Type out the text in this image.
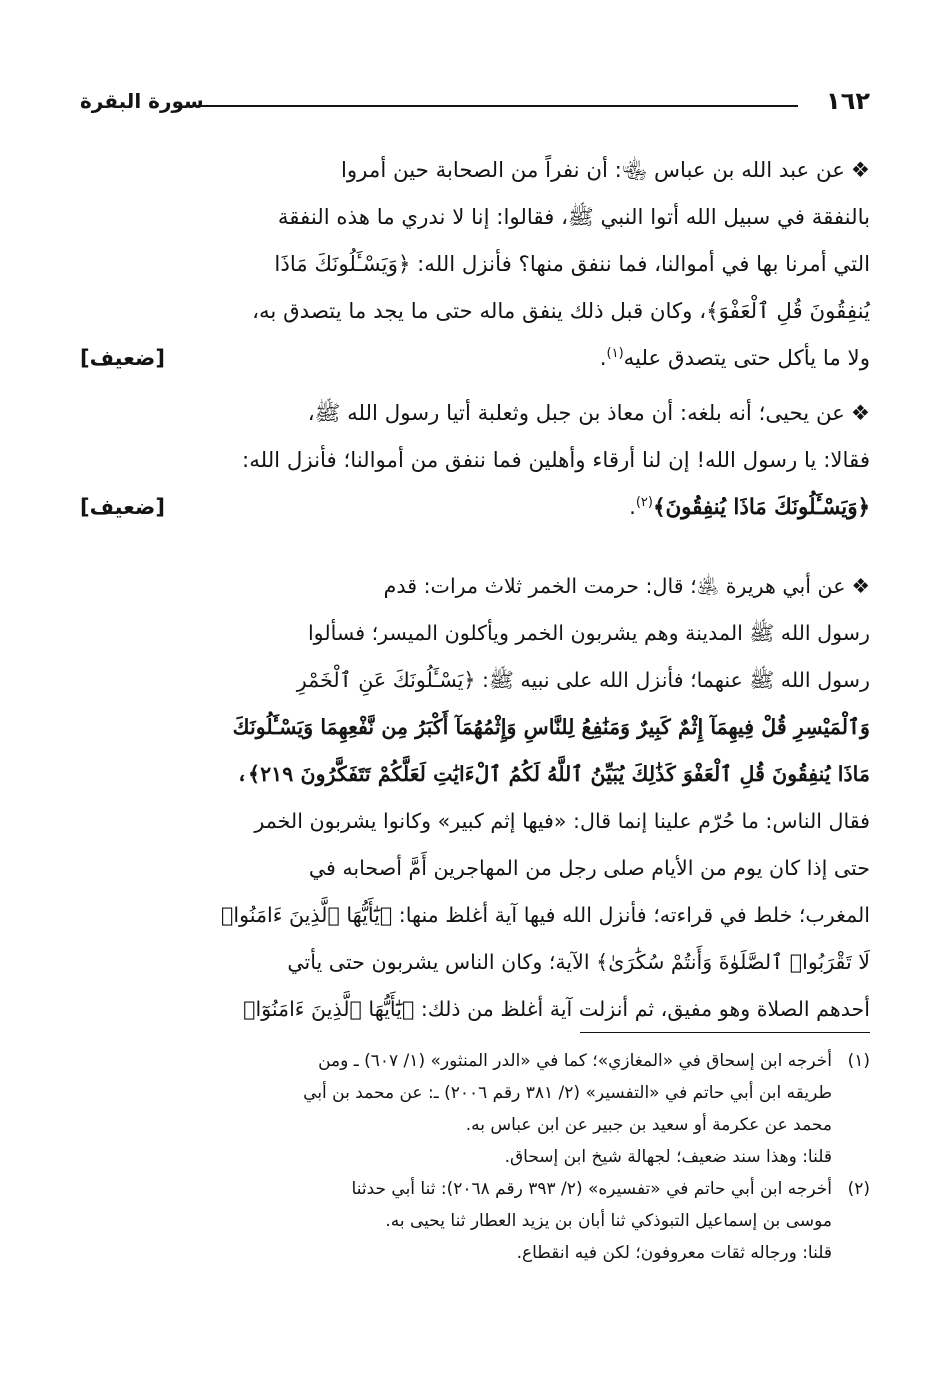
١٦٢
سورة البقرة
❖عن عبد الله بن عباس ﵄: أن نفراً من الصحابة حين أمروا
بالنفقة في سبيل الله أتوا النبي ﷺ، فقالوا: إنا لا ندري ما هذه النفقة
التي أمرنا بها في أموالنا، فما ننفق منها؟ فأنزل الله: ﴿وَيَسْـَٔلُونَكَ مَاذَا
يُنفِقُونَ قُلِ ٱلْعَفْوَ﴾، وكان قبل ذلك ينفق ماله حتى ما يجد ما يتصدق به،
[ضعيف]	ولا ما يأكل حتى يتصدق عليه$^{(١)}$.
❖عن يحيى؛ أنه بلغه: أن معاذ بن جبل وثعلبة أتيا رسول الله ﷺ،
فقالا: يا رسول الله! إن لنا أرقاء وأهلين فما ننفق من أموالنا؛ فأنزل الله:
[ضعيف]	﴿وَيَسْـَٔلُونَكَ مَاذَا يُنفِقُونَ﴾$^{(٢)}$.
❖عن أبي هريرة ﵁؛ قال: حرمت الخمر ثلاث مرات: قدم
رسول الله ﷺ المدينة وهم يشربون الخمر ويأكلون الميسر؛ فسألوا
رسول الله ﷺ عنهما؛ فأنزل الله على نبيه ﷺ: ﴿يَسْـَٔلُونَكَ عَنِ ٱلْخَمْرِ
وَٱلْمَيْسِرِ قُلْ فِيهِمَآ إِثْمٌ كَبِيرٌ وَمَنَٰفِعُ لِلنَّاسِ وَإِثْمُهُمَآ أَكْبَرُ مِن نَّفْعِهِمَا وَيَسْـَٔلُونَكَ
مَاذَا يُنفِقُونَ قُلِ ٱلْعَفْوَ كَذَٰلِكَ يُبَيِّنُ ٱللَّهُ لَكُمُ ٱلْءَايَٰتِ لَعَلَّكُمْ تَتَفَكَّرُونَ ٢١٩﴾،
فقال الناس: ما حُرّم علينا إنما قال: «فيها إثم كبير» وكانوا يشربون الخمر
حتى إذا كان يوم من الأيام صلى رجل من المهاجرين أَمَّ أصحابه في
المغرب؛ خلط في قراءته؛ فأنزل الله فيها آية أغلظ منها: ﴿يَٰٓأَيُّهَا ٱلَّذِينَ ءَامَنُوا۟
لَا تَقْرَبُوا۟ ٱلصَّلَوٰةَ وَأَنتُمْ سُكَٰرَىٰ﴾ الآية؛ وكان الناس يشربون حتى يأتي
أحدهم الصلاة وهو مفيق، ثم أنزلت آية أغلظ من ذلك: ﴿يَٰٓأَيُّهَا ٱلَّذِينَ ءَامَنُوٓا۟
(١)أخرجه ابن إسحاق في «المغازي»؛ كما في «الدر المنثور» (١/ ٦٠٧) ـ ومن
طريقه ابن أبي حاتم في «التفسير» (٢/ ٣٨١ رقم ٢٠٠٦) ـ: عن محمد بن أبي
محمد عن عكرمة أو سعيد بن جبير عن ابن عباس به.
قلنا: وهذا سند ضعيف؛ لجهالة شيخ ابن إسحاق.
(٢)أخرجه ابن أبي حاتم في «تفسيره» (٢/ ٣٩٣ رقم ٢٠٦٨): ثنا أبي حدثنا
موسى بن إسماعيل التبوذكي ثنا أبان بن يزيد العطار ثنا يحيى به.
قلنا: ورجاله ثقات معروفون؛ لكن فيه انقطاع.
